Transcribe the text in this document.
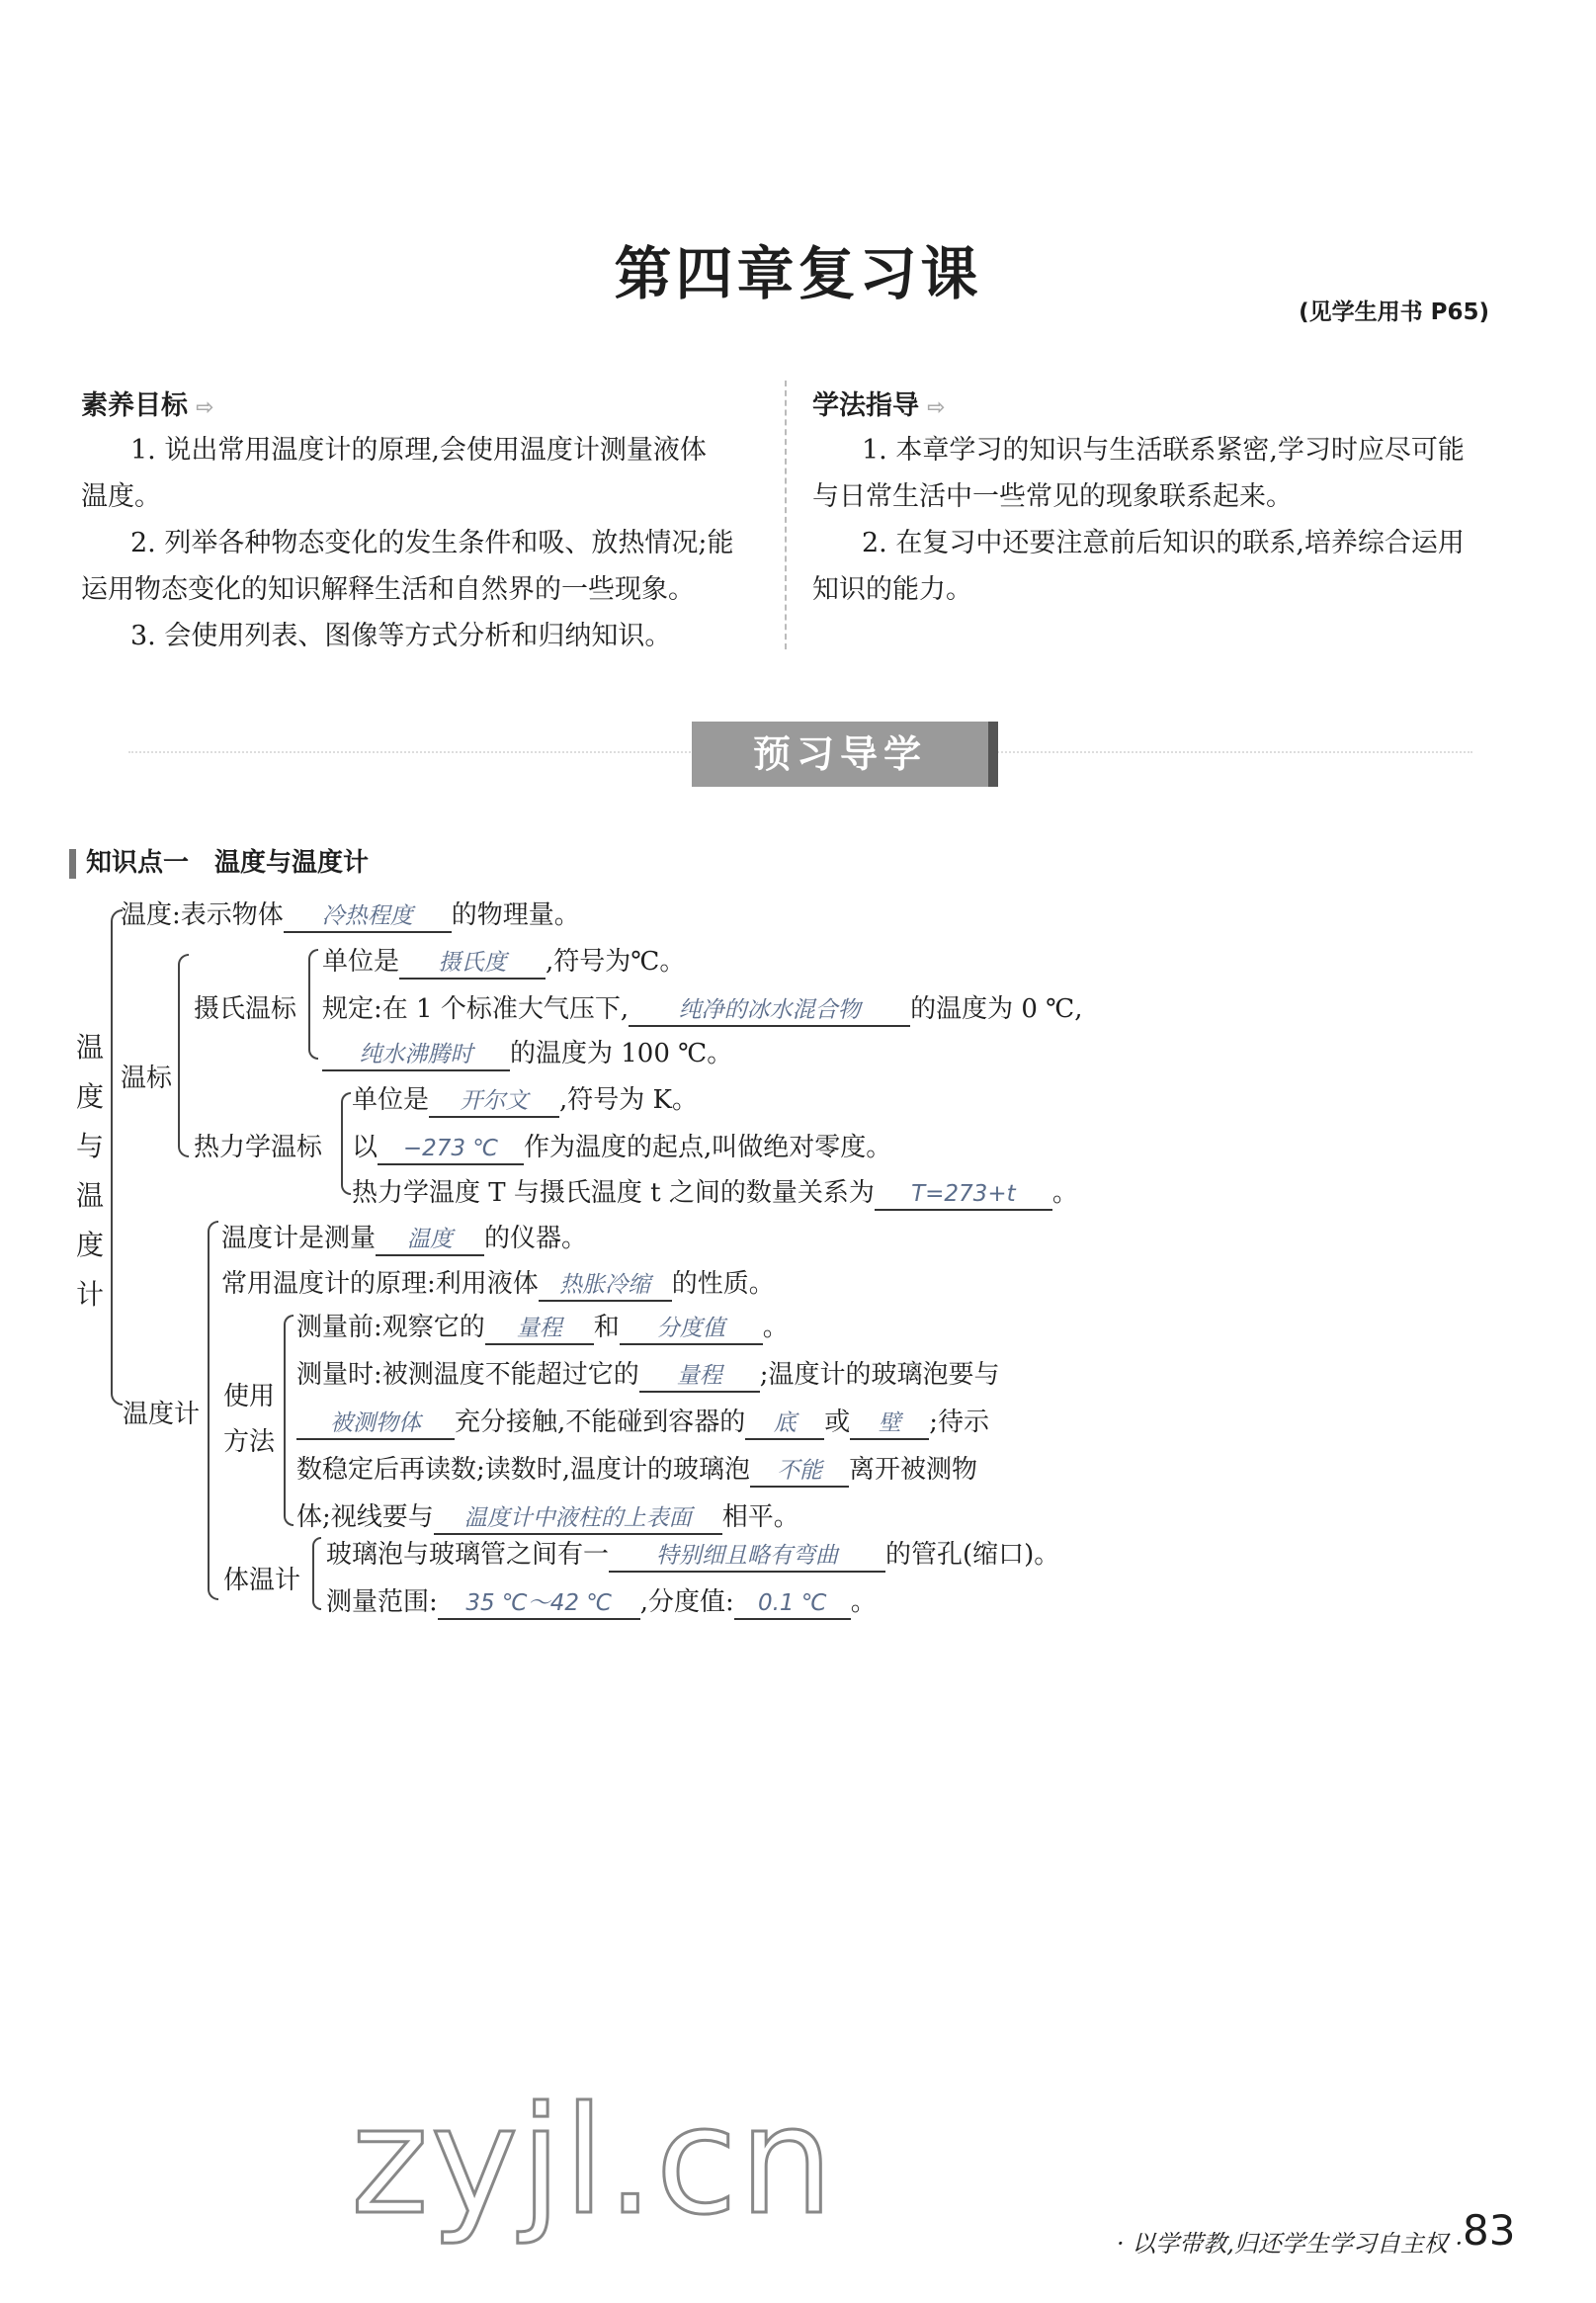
第四章复习课
(见学生用书 P65)
素养目标 ⇨
1. 说出常用温度计的原理,会使用温度计测量液体
温度。
2. 列举各种物态变化的发生条件和吸、放热情况;能
运用物态变化的知识解释生活和自然界的一些现象。
3. 会使用列表、图像等方式分析和归纳知识。
学法指导 ⇨
1. 本章学习的知识与生活联系紧密,学习时应尽可能
与日常生活中一些常见的现象联系起来。
2. 在复习中还要注意前后知识的联系,培养综合运用
知识的能力。
预习导学
知识点一　温度与温度计
温
度
与
温
度
计
温度:表示物体 冷热程度 的物理量。
温标
摄氏温标
单位是 摄氏度 ,符号为℃。
规定:在 1 个标准大气压下, 纯净的冰水混合物 的温度为 0 ℃,
纯水沸腾时 的温度为 100 ℃。
热力学温标
单位是 开尔文 ,符号为 K。
以 −273 ℃ 作为温度的起点,叫做绝对零度。
热力学温度 T 与摄氏温度 t 之间的数量关系为 T=273+t 。
温度计
温度计是测量 温度 的仪器。
常用温度计的原理:利用液体 热胀冷缩 的性质。
使用
方法
测量前:观察它的 量程 和 分度值 。
测量时:被测温度不能超过它的 量程 ;温度计的玻璃泡要与
被测物体 充分接触,不能碰到容器的 底 或 壁 ;待示
数稳定后再读数;读数时,温度计的玻璃泡 不能 离开被测物
体;视线要与 温度计中液柱的上表面 相平。
体温计
玻璃泡与玻璃管之间有一 特别细且略有弯曲 的管孔(缩口)。
测量范围: 35 ℃～42 ℃ ,分度值: 0.1 ℃ 。
zyjl.cn	· 以学带教,归还学生学习自主权 · 83
